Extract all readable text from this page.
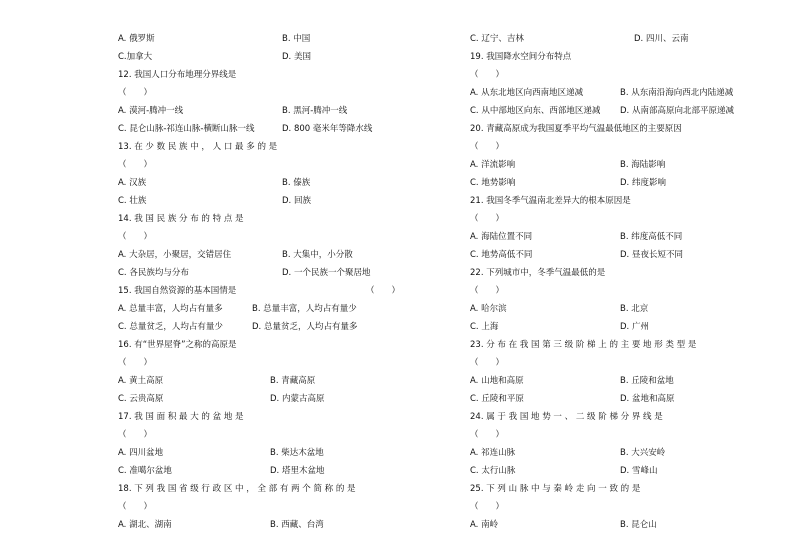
A. 俄罗斯	B. 中国
C.加拿大	D. 美国
12. 我国人口分布地理分界线是
（　　）
A. 漠河-腾冲一线	B. 黑河-腾冲一线
C. 昆仑山脉-祁连山脉-横断山脉一线	D. 800 毫米年等降水线
13. 在 少 数 民 族 中 ， 人 口 最 多 的 是
（　　）
A. 汉族	B. 傣族
C. 壮族	D. 回族
14. 我 国 民 族 分 布 的 特 点 是
（　　）
A. 大杂居，小聚居，交错居住	B. 大集中，小分散
C. 各民族均与分布	D. 一个民族一个聚居地
15. 我国自然资源的基本国情是	（　　）
A. 总量丰富，人均占有量多	B. 总量丰富，人均占有量少
C. 总量贫乏，人均占有量少	D. 总量贫乏，人均占有量多
16. 有“世界屋脊”之称的高原是
（　　）
A. 黄土高原	B. 青藏高原
C. 云贵高原	D. 内蒙古高原
17. 我 国 面 积 最 大 的 盆 地 是
（　　）
A. 四川盆地	B. 柴达木盆地
C. 准噶尔盆地	D. 塔里木盆地
18. 下 列 我 国 省 级 行 政 区 中 ， 全 部 有 两 个 简 称 的 是
（　　）
A. 湖北、湖南	B. 西藏、台湾
C. 辽宁、吉林	D. 四川、云南
19. 我国降水空间分布特点
（　　）
A. 从东北地区向西南地区递减	B. 从东南沿海向西北内陆递减
C. 从中部地区向东、西部地区递减 D. 从南部高原向北部平原递减
20. 青藏高原成为我国夏季平均气温最低地区的主要原因
（　　）
A. 洋流影响	B. 海陆影响
C. 地势影响	D. 纬度影响
21. 我国冬季气温南北差异大的根本原因是
（　　）
A. 海陆位置不同	B. 纬度高低不同
C. 地势高低不同	D. 昼夜长短不同
22. 下列城市中，冬季气温最低的是
（　　）
A. 哈尔滨	B. 北京
C. 上海	D. 广州
23. 分 布 在 我 国 第 三 级 阶 梯 上 的 主 要 地 形 类 型 是
（　　）
A. 山地和高原	B. 丘陵和盆地
C. 丘陵和平原	D. 盆地和高原
24. 属 于 我 国 地 势 一 、 二 级 阶 梯 分 界 线 是
（　　）
A. 祁连山脉	B. 大兴安岭
C. 太行山脉	D. 雪峰山
25. 下 列 山 脉 中 与 秦 岭 走 向 一 致 的 是
（　　）
A. 南岭	B. 昆仑山
